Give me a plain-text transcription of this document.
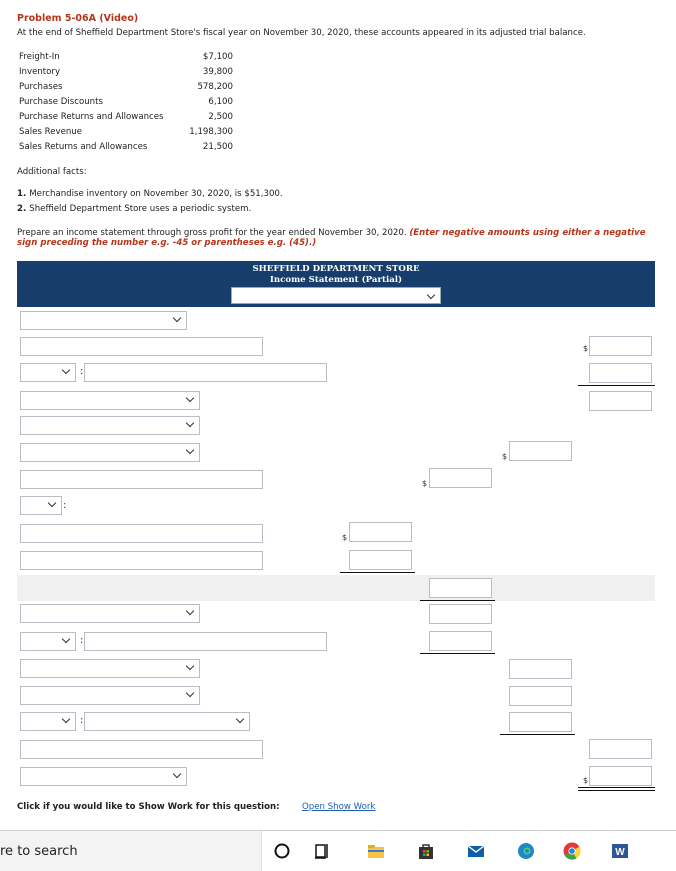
Problem 5-06A (Video)
At the end of Sheffield Department Store's fiscal year on November 30, 2020, these accounts appeared in its adjusted trial balance.
Freight-In	$7,100
Inventory	39,800
Purchases	578,200
Purchase Discounts	6,100
Purchase Returns and Allowances	2,500
Sales Revenue	1,198,300
Sales Returns and Allowances	21,500
Additional facts:
1. Merchandise inventory on November 30, 2020, is $51,300.
2. Sheffield Department Store uses a periodic system.
Prepare an income statement through gross profit for the year ended November 30, 2020. (Enter negative amounts using either a negative sign preceding the number e.g. -45 or parentheses e.g. (45).)
SHEFFIELD DEPARTMENT STORE
Income Statement (Partial)
$
:
$
$
:
$
:
:
$
Click if you would like to Show Work for this question:	Open Show Work
re to search	W
